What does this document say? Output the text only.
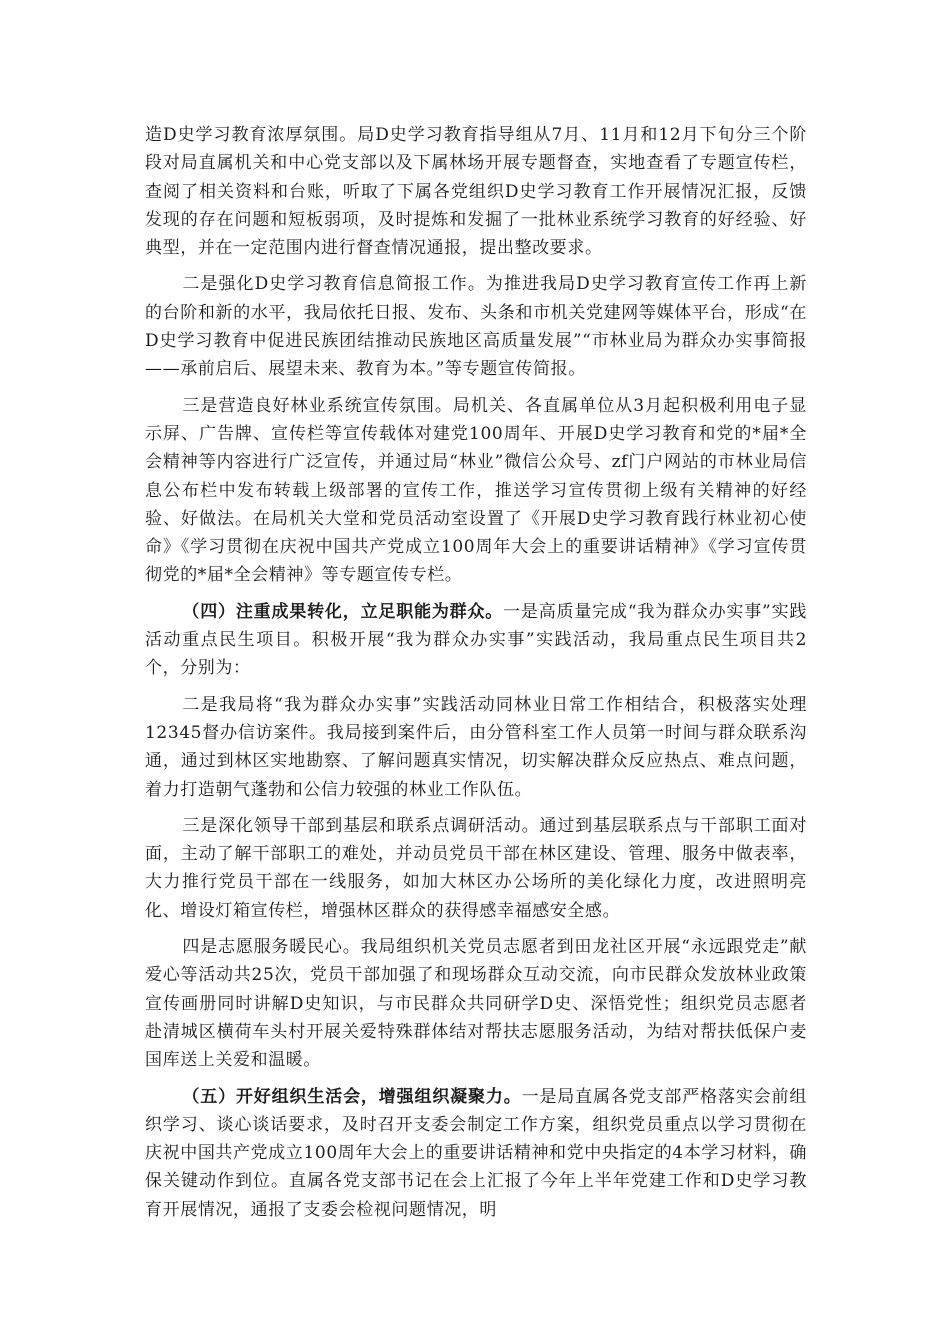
造D史学习教育浓厚氛围。局D史学习教育指导组从7月、11月和12月下旬分三个阶段对局直属机关和中心党支部以及下属林场开展专题督查，实地查看了专题宣传栏，查阅了相关资料和台账，听取了下属各党组织D史学习教育工作开展情况汇报，反馈发现的存在问题和短板弱项，及时提炼和发掘了一批林业系统学习教育的好经验、好典型，并在一定范围内进行督查情况通报，提出整改要求。

二是强化D史学习教育信息简报工作。为推进我局D史学习教育宣传工作再上新的台阶和新的水平，我局依托日报、发布、头条和市机关党建网等媒体平台，形成“在D史学习教育中促进民族团结推动民族地区高质量发展”“市林业局为群众办实事简报——承前启后、展望未来、教育为本。”等专题宣传简报。

三是营造良好林业系统宣传氛围。局机关、各直属单位从3月起积极利用电子显示屏、广告牌、宣传栏等宣传载体对建党100周年、开展D史学习教育和党的*届*全会精神等内容进行广泛宣传，并通过局“林业”微信公众号、zf门户网站的市林业局信息公布栏中发布转载上级部署的宣传工作，推送学习宣传贯彻上级有关精神的好经验、好做法。在局机关大堂和党员活动室设置了《开展D史学习教育践行林业初心使命》《学习贯彻在庆祝中国共产党成立100周年大会上的重要讲话精神》《学习宣传贯彻党的*届*全会精神》等专题宣传专栏。

（四）注重成果转化，立足职能为群众。一是高质量完成“我为群众办实事”实践活动重点民生项目。积极开展“我为群众办实事”实践活动，我局重点民生项目共2个，分别为：

二是我局将“我为群众办实事”实践活动同林业日常工作相结合，积极落实处理12345督办信访案件。我局接到案件后，由分管科室工作人员第一时间与群众联系沟通，通过到林区实地勘察、了解问题真实情况，切实解决群众反应热点、难点问题，着力打造朝气蓬勃和公信力较强的林业工作队伍。

三是深化领导干部到基层和联系点调研活动。通过到基层联系点与干部职工面对面，主动了解干部职工的难处，并动员党员干部在林区建设、管理、服务中做表率，大力推行党员干部在一线服务，如加大林区办公场所的美化绿化力度，改进照明亮化、增设灯箱宣传栏，增强林区群众的获得感幸福感安全感。

四是志愿服务暖民心。我局组织机关党员志愿者到田龙社区开展“永远跟党走”献爱心等活动共25次，党员干部加强了和现场群众互动交流，向市民群众发放林业政策宣传画册同时讲解D史知识，与市民群众共同研学D史、深悟党性；组织党员志愿者赴清城区横荷车头村开展关爱特殊群体结对帮扶志愿服务活动，为结对帮扶低保户麦国库送上关爱和温暖。

（五）开好组织生活会，增强组织凝聚力。一是局直属各党支部严格落实会前组织学习、谈心谈话要求，及时召开支委会制定工作方案，组织党员重点以学习贯彻在庆祝中国共产党成立100周年大会上的重要讲话精神和党中央指定的4本学习材料，确保关键动作到位。直属各党支部书记在会上汇报了今年上半年党建工作和D史学习教育开展情况，通报了支委会检视问题情况，明
